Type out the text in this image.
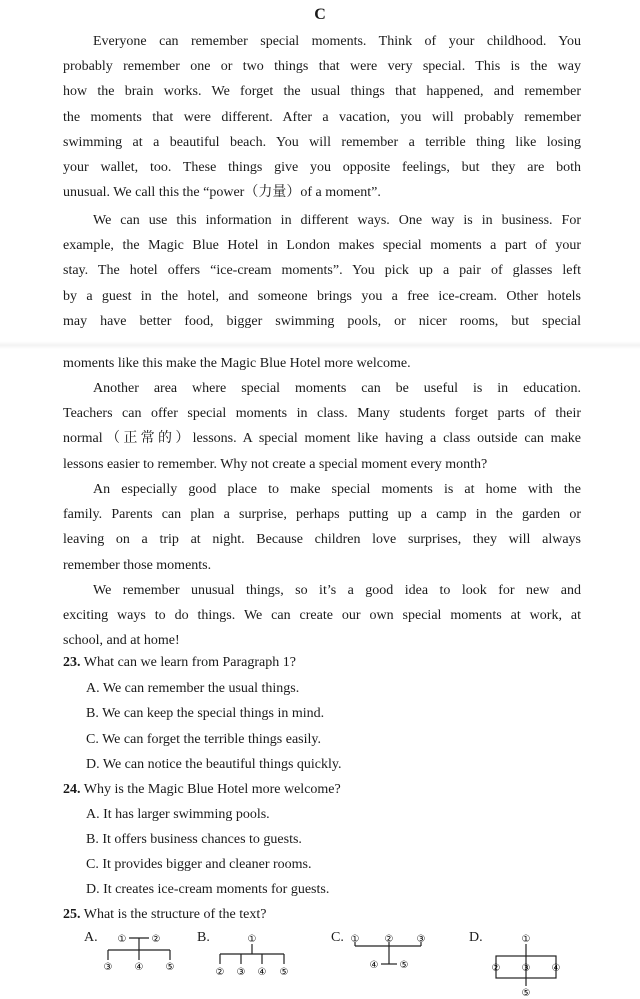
C
Everyone can remember special moments. Think of your childhood. You
probably remember one or two things that were very special. This is the way
how the brain works. We forget the usual things that happened, and remember
the moments that were different. After a vacation, you will probably remember
swimming at a beautiful beach. You will remember a terrible thing like losing
your wallet, too. These things give you opposite feelings, but they are both
unusual. We call this the “power（力量）of a moment”.
We can use this information in different ways. One way is in business. For
example, the Magic Blue Hotel in London makes special moments a part of your
stay. The hotel offers “ice-cream moments”. You pick up a pair of glasses left
by a guest in the hotel, and someone brings you a free ice-cream. Other hotels
may have better food, bigger swimming pools, or nicer rooms, but special
moments like this make the Magic Blue Hotel more welcome.
Another area where special moments can be useful is in education.
Teachers can offer special moments in class. Many students forget parts of their
normal（正常的）lessons. A special moment like having a class outside can make
lessons easier to remember. Why not create a special moment every month?
An especially good place to make special moments is at home with the
family. Parents can plan a surprise, perhaps putting up a camp in the garden or
leaving on a trip at night. Because children love surprises, they will always
remember those moments.
We remember unusual things, so it’s a good idea to look for new and
exciting ways to do things. We can create our own special moments at work, at
school, and at home!
23. What can we learn from Paragraph 1?
A. We can remember the usual things.
B. We can keep the special things in mind.
C. We can forget the terrible things easily.
D. We can notice the beautiful things quickly.
24. Why is the Magic Blue Hotel more welcome?
A. It has larger swimming pools.
B. It offers business chances to guests.
C. It provides bigger and cleaner rooms.
D. It creates ice-cream moments for guests.
25. What is the structure of the text?
A.	B.	C.	D.
①	②
③ ④ ⑤
①
② ③ ④ ⑤
①	② ③
④ ⑤
①
② ③ ④
⑤
